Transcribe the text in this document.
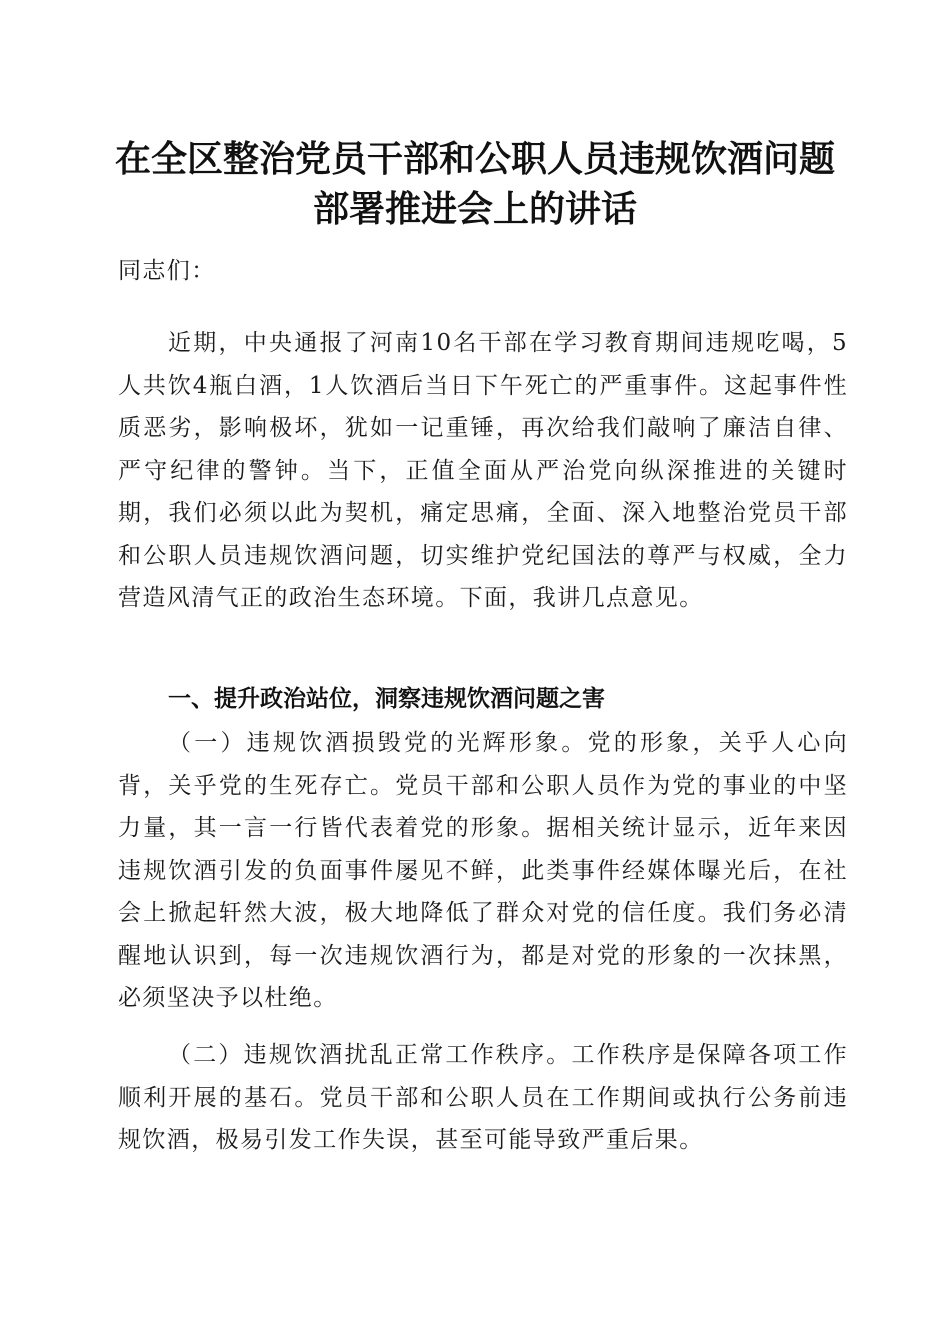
在全区整治党员干部和公职人员违规饮酒问题
部署推进会上的讲话

同志们：

近期，中央通报了河南10名干部在学习教育期间违规吃喝，5人共饮4瓶白酒，1人饮酒后当日下午死亡的严重事件。这起事件性质恶劣，影响极坏，犹如一记重锤，再次给我们敲响了廉洁自律、严守纪律的警钟。当下，正值全面从严治党向纵深推进的关键时期，我们必须以此为契机，痛定思痛，全面、深入地整治党员干部和公职人员违规饮酒问题，切实维护党纪国法的尊严与权威，全力营造风清气正的政治生态环境。下面，我讲几点意见。

一、提升政治站位，洞察违规饮酒问题之害

（一）违规饮酒损毁党的光辉形象。党的形象，关乎人心向背，关乎党的生死存亡。党员干部和公职人员作为党的事业的中坚力量，其一言一行皆代表着党的形象。据相关统计显示，近年来因违规饮酒引发的负面事件屡见不鲜，此类事件经媒体曝光后，在社会上掀起轩然大波，极大地降低了群众对党的信任度。我们务必清醒地认识到，每一次违规饮酒行为，都是对党的形象的一次抹黑，必须坚决予以杜绝。

（二）违规饮酒扰乱正常工作秩序。工作秩序是保障各项工作顺利开展的基石。党员干部和公职人员在工作期间或执行公务前违规饮酒，极易引发工作失误，甚至可能导致严重后果。
